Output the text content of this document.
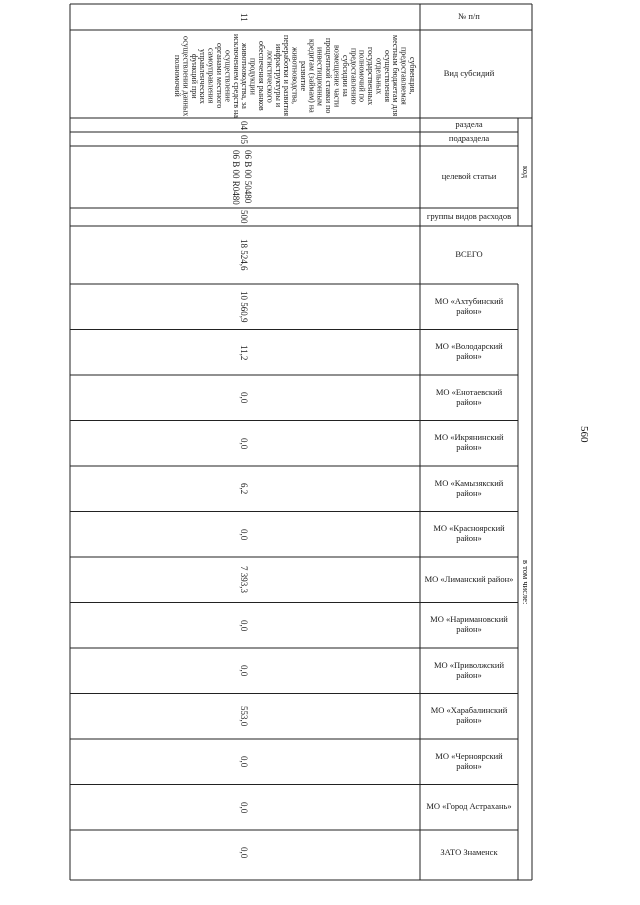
560
№ п/п
Вид субсидий
код
раздела
подраздела
целевой статьи
группы видов расходов
ВСЕГО
в том числе:
11
субвенция, предоставляемая местным бюджетам для осуществления отдельных государственных полномочий по предоставлению субсидии на возмещение части процентной ставки по инвестиционным кредитам (займам) на развитие животноводства, переработки и развития инфраструктуры и логистического обеспечения рынков продукции животноводства, за исключением средств на осуществление органами местного самоуправления управленческих функций при осуществлении данных полномочий
04
05
06 В 00 50480
06 В 00 R0480
500
18 524,6
МО «Ахтубинский район»
10 560,9
МО «Володарский район»
11,2
МО «Енотаевский район»
0,0
МО «Икрянинский район»
0,0
МО «Камызякский район»
6,2
МО «Красноярский район»
0,0
МО «Лиманский район»
7 393,3
МО «Наримановский район»
0,0
МО «Приволжский район»
0,0
МО «Харабалинский район»
553,0
МО «Черноярский район»
0,0
МО «Город Астрахань»
0,0
ЗАТО Знаменск
0,0
